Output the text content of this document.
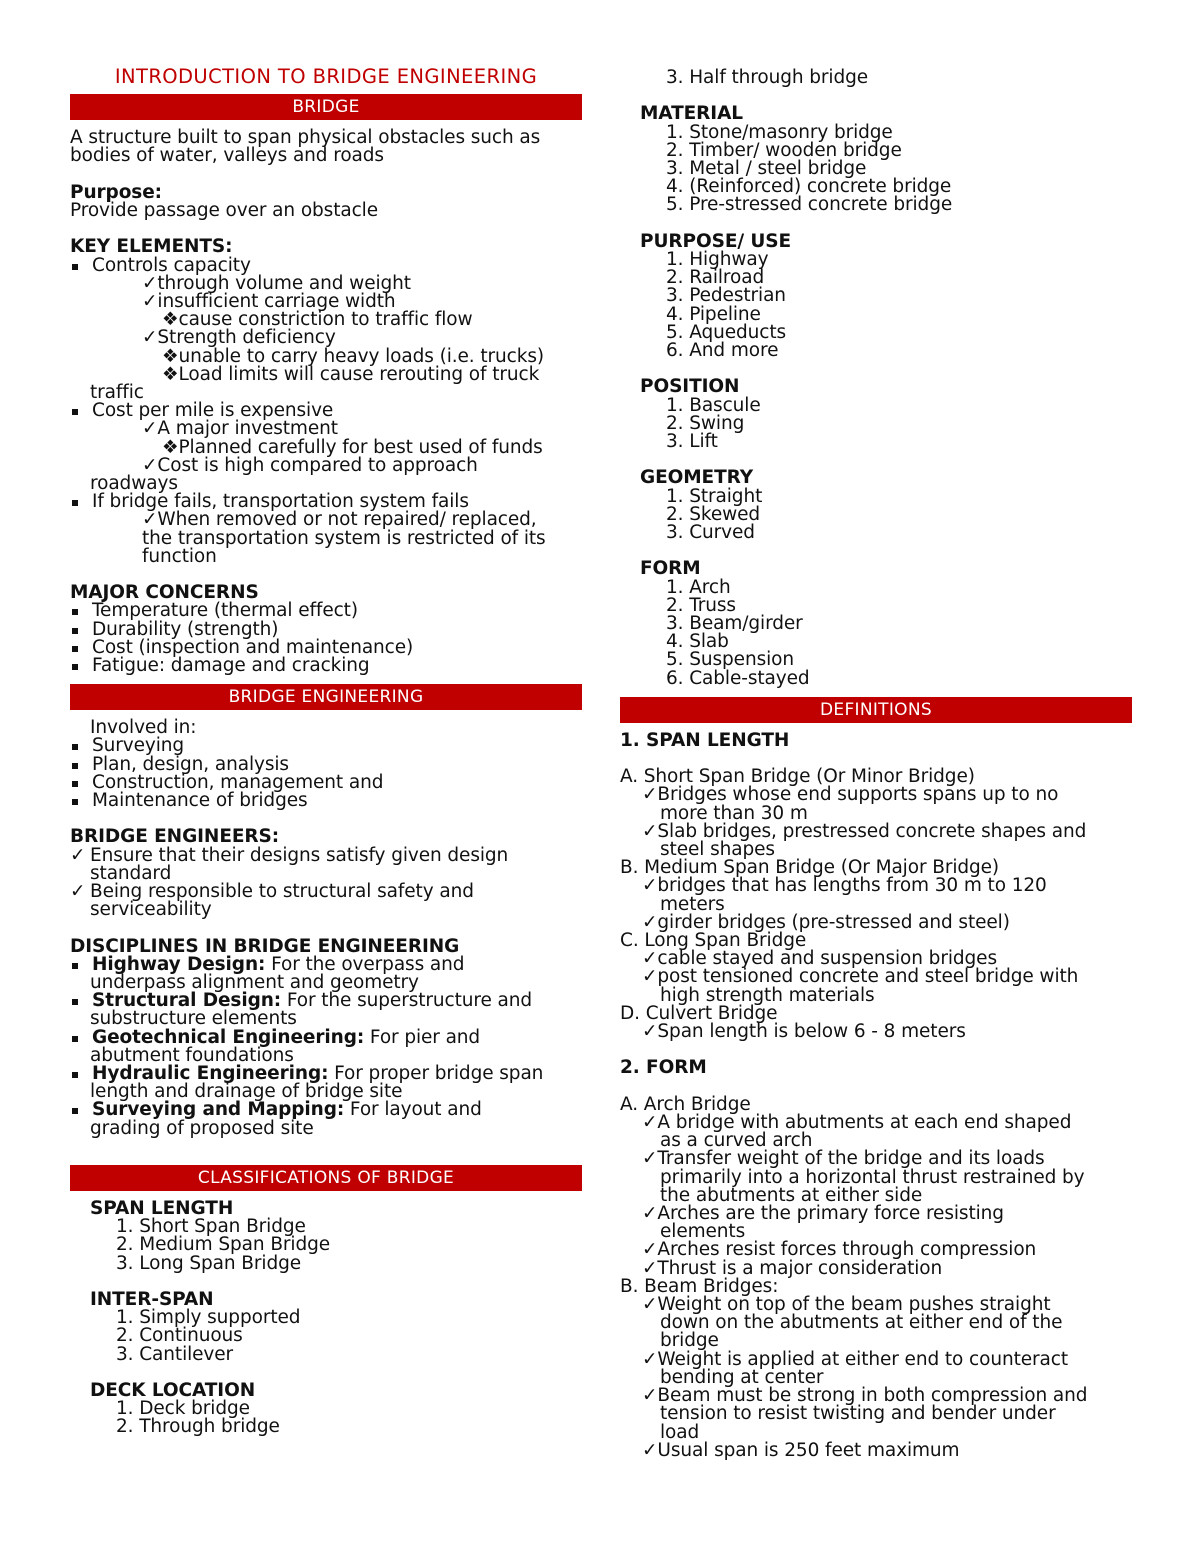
INTRODUCTION TO BRIDGE ENGINEERING
BRIDGE
A structure built to span physical obstacles such as
bodies of water, valleys and roads
Purpose:
Provide passage over an obstacle
KEY ELEMENTS:
Controls capacity
✓through volume and weight
✓insufficient carriage width
❖cause constriction to traffic flow
✓Strength deficiency
❖unable to carry heavy loads (i.e. trucks)
❖Load limits will cause rerouting of truck
traffic
Cost per mile is expensive
✓A major investment
❖Planned carefully for best used of funds
✓Cost is high compared to approach
roadways
If bridge fails, transportation system fails
✓When removed or not repaired/ replaced,
the transportation system is restricted of its
function
MAJOR CONCERNS
Temperature (thermal effect)
Durability (strength)
Cost (inspection and maintenance)
Fatigue: damage and cracking
BRIDGE ENGINEERING
Involved in:
Surveying
Plan, design, analysis
Construction, management and
Maintenance of bridges
BRIDGE ENGINEERS:
✓ Ensure that their designs satisfy given design
standard
✓ Being responsible to structural safety and
serviceability
DISCIPLINES IN BRIDGE ENGINEERING
Highway Design: For the overpass and
underpass alignment and geometry
Structural Design: For the superstructure and
substructure elements
Geotechnical Engineering: For pier and
abutment foundations
Hydraulic Engineering: For proper bridge span
length and drainage of bridge site
Surveying and Mapping: For layout and
grading of proposed site
CLASSIFICATIONS OF BRIDGE
SPAN LENGTH
1. Short Span Bridge
2. Medium Span Bridge
3. Long Span Bridge
INTER-SPAN
1. Simply supported
2. Continuous
3. Cantilever
DECK LOCATION
1. Deck bridge
2. Through bridge
3. Half through bridge
MATERIAL
1. Stone/masonry bridge
2. Timber/ wooden bridge
3. Metal / steel bridge
4. (Reinforced) concrete bridge
5. Pre-stressed concrete bridge
PURPOSE/ USE
1. Highway
2. Railroad
3. Pedestrian
4. Pipeline
5. Aqueducts
6. And more
POSITION
1. Bascule
2. Swing
3. Lift
GEOMETRY
1. Straight
2. Skewed
3. Curved
FORM
1. Arch
2. Truss
3. Beam/girder
4. Slab
5. Suspension
6. Cable-stayed
DEFINITIONS
1. SPAN LENGTH
A. Short Span Bridge (Or Minor Bridge)
✓Bridges whose end supports spans up to no
more than 30 m
✓Slab bridges, prestressed concrete shapes and
steel shapes
B. Medium Span Bridge (Or Major Bridge)
✓bridges that has lengths from 30 m to 120
meters
✓girder bridges (pre-stressed and steel)
C. Long Span Bridge
✓cable stayed and suspension bridges
✓post tensioned concrete and steel bridge with
high strength materials
D. Culvert Bridge
✓Span length is below 6 - 8 meters
2. FORM
A. Arch Bridge
✓A bridge with abutments at each end shaped
as a curved arch
✓Transfer weight of the bridge and its loads
primarily into a horizontal thrust restrained by
the abutments at either side
✓Arches are the primary force resisting
elements
✓Arches resist forces through compression
✓Thrust is a major consideration
B. Beam Bridges:
✓Weight on top of the beam pushes straight
down on the abutments at either end of the
bridge
✓Weight is applied at either end to counteract
bending at center
✓Beam must be strong in both compression and
tension to resist twisting and bender under
load
✓Usual span is 250 feet maximum
